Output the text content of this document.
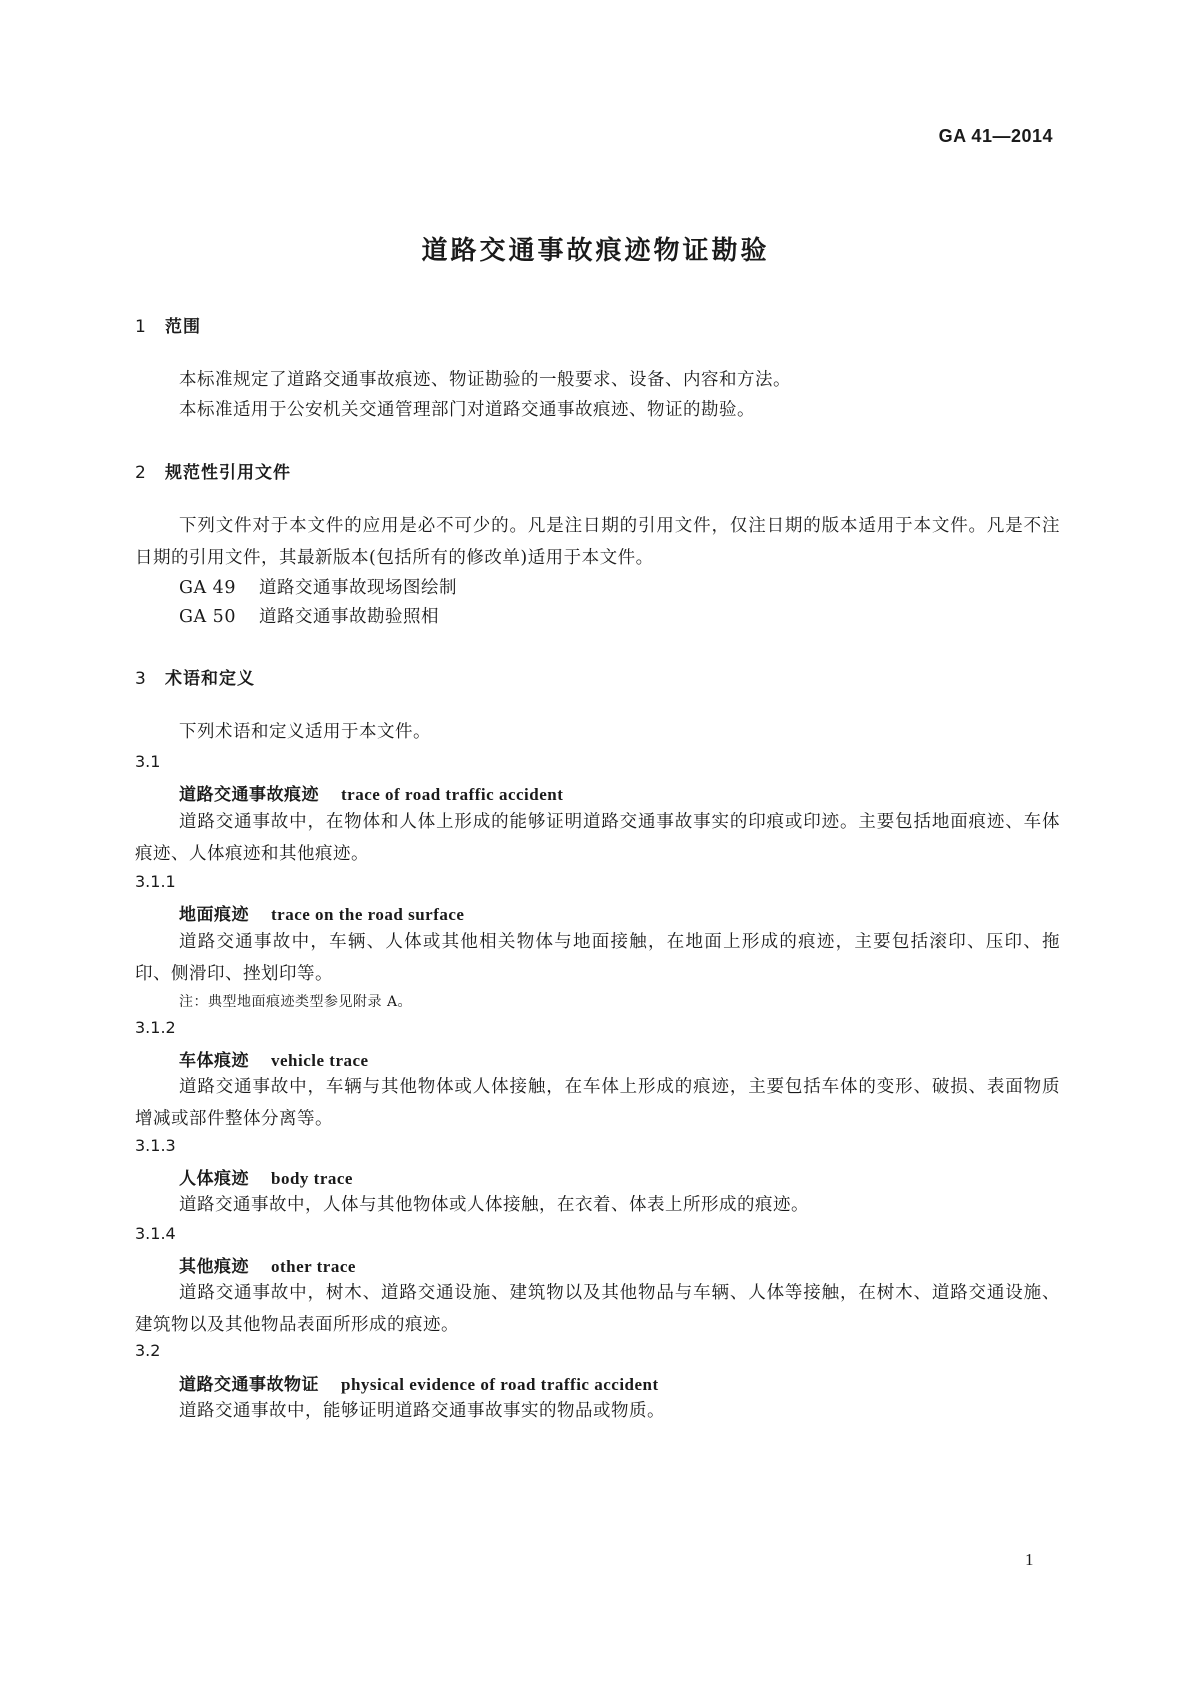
GA 41—2014
道路交通事故痕迹物证勘验
1 范围
本标准规定了道路交通事故痕迹、物证勘验的一般要求、设备、内容和方法。
本标准适用于公安机关交通管理部门对道路交通事故痕迹、物证的勘验。
2 规范性引用文件
下列文件对于本文件的应用是必不可少的。凡是注日期的引用文件，仅注日期的版本适用于本文件。凡是不注日期的引用文件，其最新版本(包括所有的修改单)适用于本文件。
GA 49 道路交通事故现场图绘制
GA 50 道路交通事故勘验照相
3 术语和定义
下列术语和定义适用于本文件。
3.1
道路交通事故痕迹 trace of road traffic accident
道路交通事故中，在物体和人体上形成的能够证明道路交通事故事实的印痕或印迹。主要包括地面痕迹、车体痕迹、人体痕迹和其他痕迹。
3.1.1
地面痕迹 trace on the road surface
道路交通事故中，车辆、人体或其他相关物体与地面接触，在地面上形成的痕迹，主要包括滚印、压印、拖印、侧滑印、挫划印等。
注：典型地面痕迹类型参见附录 A。
3.1.2
车体痕迹 vehicle trace
道路交通事故中，车辆与其他物体或人体接触，在车体上形成的痕迹，主要包括车体的变形、破损、表面物质增减或部件整体分离等。
3.1.3
人体痕迹 body trace
道路交通事故中，人体与其他物体或人体接触，在衣着、体表上所形成的痕迹。
3.1.4
其他痕迹 other trace
道路交通事故中，树木、道路交通设施、建筑物以及其他物品与车辆、人体等接触，在树木、道路交通设施、建筑物以及其他物品表面所形成的痕迹。
3.2
道路交通事故物证 physical evidence of road traffic accident
道路交通事故中，能够证明道路交通事故事实的物品或物质。
1
